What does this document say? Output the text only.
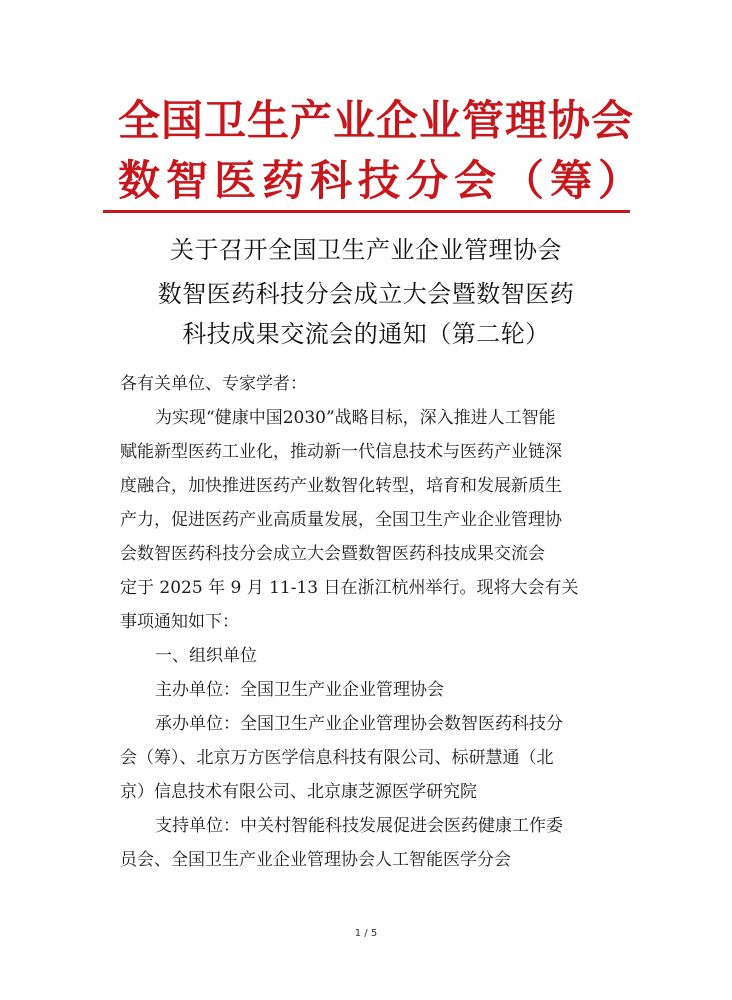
全国卫生产业企业管理协会
数智医药科技分会（筹）
关于召开全国卫生产业企业管理协会
数智医药科技分会成立大会暨数智医药
科技成果交流会的通知（第二轮）
各有关单位、专家学者：
为实现“健康中国2030”战略目标，深入推进人工智能
赋能新型医药工业化，推动新一代信息技术与医药产业链深
度融合，加快推进医药产业数智化转型，培育和发展新质生
产力，促进医药产业高质量发展，全国卫生产业企业管理协
会数智医药科技分会成立大会暨数智医药科技成果交流会
定于 2025 年 9 月 11-13 日在浙江杭州举行。现将大会有关
事项通知如下：
一、组织单位
主办单位：全国卫生产业企业管理协会
承办单位：全国卫生产业企业管理协会数智医药科技分
会（筹）、北京万方医学信息科技有限公司、标研慧通（北
京）信息技术有限公司、北京康芝源医学研究院
支持单位：中关村智能科技发展促进会医药健康工作委
员会、全国卫生产业企业管理协会人工智能医学分会
1 / 5
